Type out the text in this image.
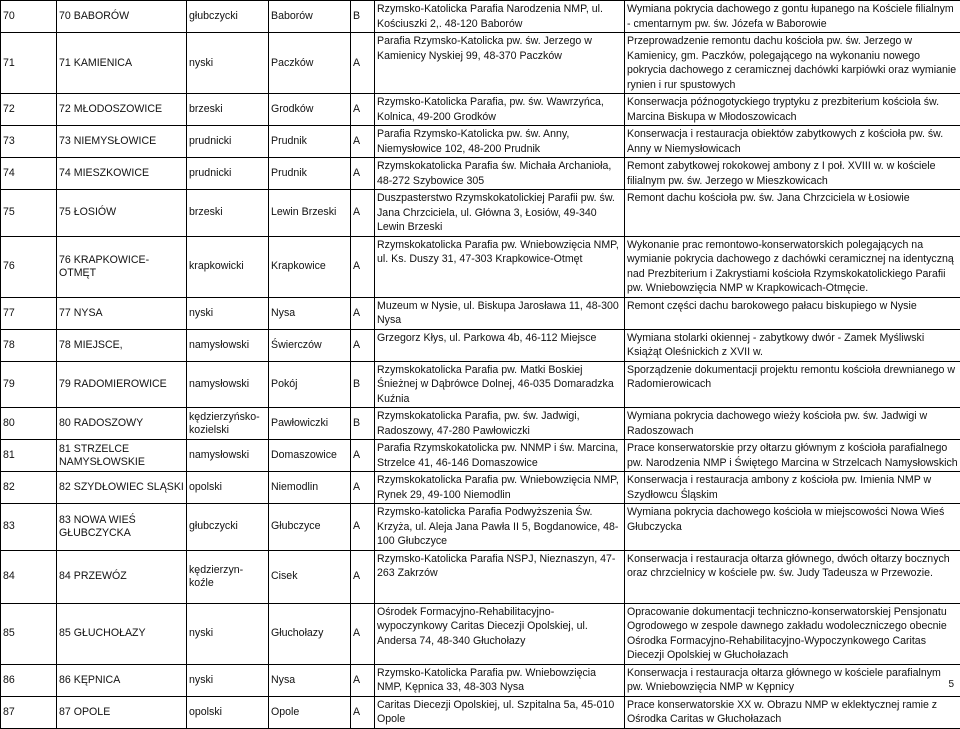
70	70 BABORÓW	głubczycki	Baborów	B	Rzymsko-Katolicka Parafia Narodzenia NMP, ul. Kościuszki 2,. 48-120 Baborów	Wymiana pokrycia dachowego z gontu łupanego na Kościele filialnym - cmentarnym pw. św. Józefa w Baborowie
71	71 KAMIENICA	nyski	Paczków	A	Parafia Rzymsko-Katolicka pw. św. Jerzego w Kamienicy Nyskiej 99, 48-370 Paczków	Przeprowadzenie remontu dachu kościoła pw. św. Jerzego w Kamienicy, gm. Paczków, polegającego na wykonaniu nowego pokrycia dachowego z ceramicznej dachówki karpiówki oraz wymianie rynien i rur spustowych
72	72 MŁODOSZOWICE	brzeski	Grodków	A	Rzymsko-Katolicka Parafia, pw. św. Wawrzyńca, Kolnica, 49-200 Grodków	Konserwacja późnogotyckiego tryptyku z prezbiterium kościoła św. Marcina Biskupa w Młodoszowicach
73	73 NIEMYSŁOWICE	prudnicki	Prudnik	A	Parafia Rzymsko-Katolicka pw. św. Anny, Niemysłowice 102, 48-200 Prudnik	Konserwacja i restauracja obiektów zabytkowych z kościoła pw. św. Anny w Niemysłowicach
74	74 MIESZKOWICE	prudnicki	Prudnik	A	Rzymskokatolicka Parafia św. Michała Archanioła, 48-272 Szybowice 305	Remont zabytkowej rokokowej ambony z I poł. XVIII w. w kościele filialnym pw. św. Jerzego w Mieszkowicach
75	75 ŁOSIÓW	brzeski	Lewin Brzeski	A	Duszpasterstwo Rzymskokatolickiej Parafii pw. św. Jana Chrzciciela, ul. Główna 3, Łosiów, 49-340 Lewin Brzeski	Remont dachu kościoła pw. św. Jana Chrzciciela w Łosiowie
76	76 KRAPKOWICE-OTMĘT	krapkowicki	Krapkowice	A	Rzymskokatolicka Parafia pw. Wniebowzięcia NMP, ul. Ks. Duszy 31, 47-303 Krapkowice-Otmęt	Wykonanie prac remontowo-konserwatorskich polegających na wymianie pokrycia dachowego z dachówki ceramicznej na identyczną nad Prezbiterium i Zakrystiami kościoła Rzymskokatolickiego Parafii pw. Wniebowzięcia NMP w Krapkowicach-Otmęcie.
77	77 NYSA	nyski	Nysa	A	Muzeum w Nysie, ul. Biskupa Jarosława 11, 48-300 Nysa	Remont części dachu barokowego pałacu biskupiego w Nysie
78	78 MIEJSCE,	namysłowski	Świerczów	A	Grzegorz Kłys, ul. Parkowa 4b, 46-112 Miejsce	Wymiana stolarki okiennej - zabytkowy dwór - Zamek Myśliwski Książąt Oleśnickich z XVII w.
79	79 RADOMIEROWICE	namysłowski	Pokój	B	Rzymskokatolicka Parafia pw. Matki Boskiej Śnieżnej w Dąbrówce Dolnej, 46-035 Domaradzka Kuźnia	Sporządzenie dokumentacji projektu remontu kościoła drewnianego w Radomierowicach
80	80 RADOSZOWY	kędzierzyńsko-kozielski	Pawłowiczki	B	Rzymskokatolicka Parafia, pw. św. Jadwigi, Radoszowy, 47-280 Pawłowiczki	Wymiana pokrycia dachowego wieży kościoła pw. św. Jadwigi w Radoszowach
81	81 STRZELCE NAMYSŁOWSKIE	namysłowski	Domaszowice	A	Parafia Rzymskokatolicka pw. NNMP i św. Marcina, Strzelce 41, 46-146 Domaszowice	Prace konserwatorskie przy ołtarzu głównym z kościoła parafialnego pw. Narodzenia NMP i Świętego Marcina w Strzelcach Namysłowskich
82	82 SZYDŁOWIEC SLĄSKI	opolski	Niemodlin	A	Rzymskokatolicka Parafia pw. Wniebowzięcia NMP, Rynek 29, 49-100 Niemodlin	Konserwacja i restauracja ambony z kościoła pw. Imienia NMP w Szydłowcu Śląskim
83	83 NOWA WIEŚ GŁUBCZYCKA	głubczycki	Głubczyce	A	Rzymsko-katolicka Parafia Podwyższenia Św. Krzyża, ul. Aleja Jana Pawła II 5, Bogdanowice, 48-100 Głubczyce	Wymiana pokrycia dachowego kościoła w miejscowości Nowa Wieś Głubczycka
84	84 PRZEWÓZ	kędzierzyn-koźle	Cisek	A	Rzymsko-Katolicka Parafia NSPJ, Nieznaszyn, 47-263 Zakrzów	Konserwacja i restauracja ołtarza głównego, dwóch ołtarzy bocznych oraz chrzcielnicy w kościele pw. św. Judy Tadeusza w Przewozie.
85	85 GŁUCHOŁAZY	nyski	Głuchołazy	A	Ośrodek Formacyjno-Rehabilitacyjno-wypoczynkowy Caritas Diecezji Opolskiej, ul. Andersa 74, 48-340 Głuchołazy	Opracowanie dokumentacji techniczno-konserwatorskiej Pensjonatu Ogrodowego w zespole dawnego zakładu wodoleczniczego obecnie Ośrodka Formacyjno-Rehabilitacyjno-Wypoczynkowego Caritas Diecezji Opolskiej w Głuchołazach
86	86 KĘPNICA	nyski	Nysa	A	Rzymsko-Katolicka Parafia pw. Wniebowzięcia NMP, Kępnica 33, 48-303 Nysa	Konserwacja i restauracja ołtarza głównego w kościele parafialnym pw. Wniebowzięcia NMP w Kępnicy
87	87 OPOLE	opolski	Opole	A	Caritas Diecezji Opolskiej, ul. Szpitalna 5a, 45-010 Opole	Prace konserwatorskie XX w. Obrazu NMP w eklektycznej ramie z Ośrodka Caritas w Głuchołazach
5
